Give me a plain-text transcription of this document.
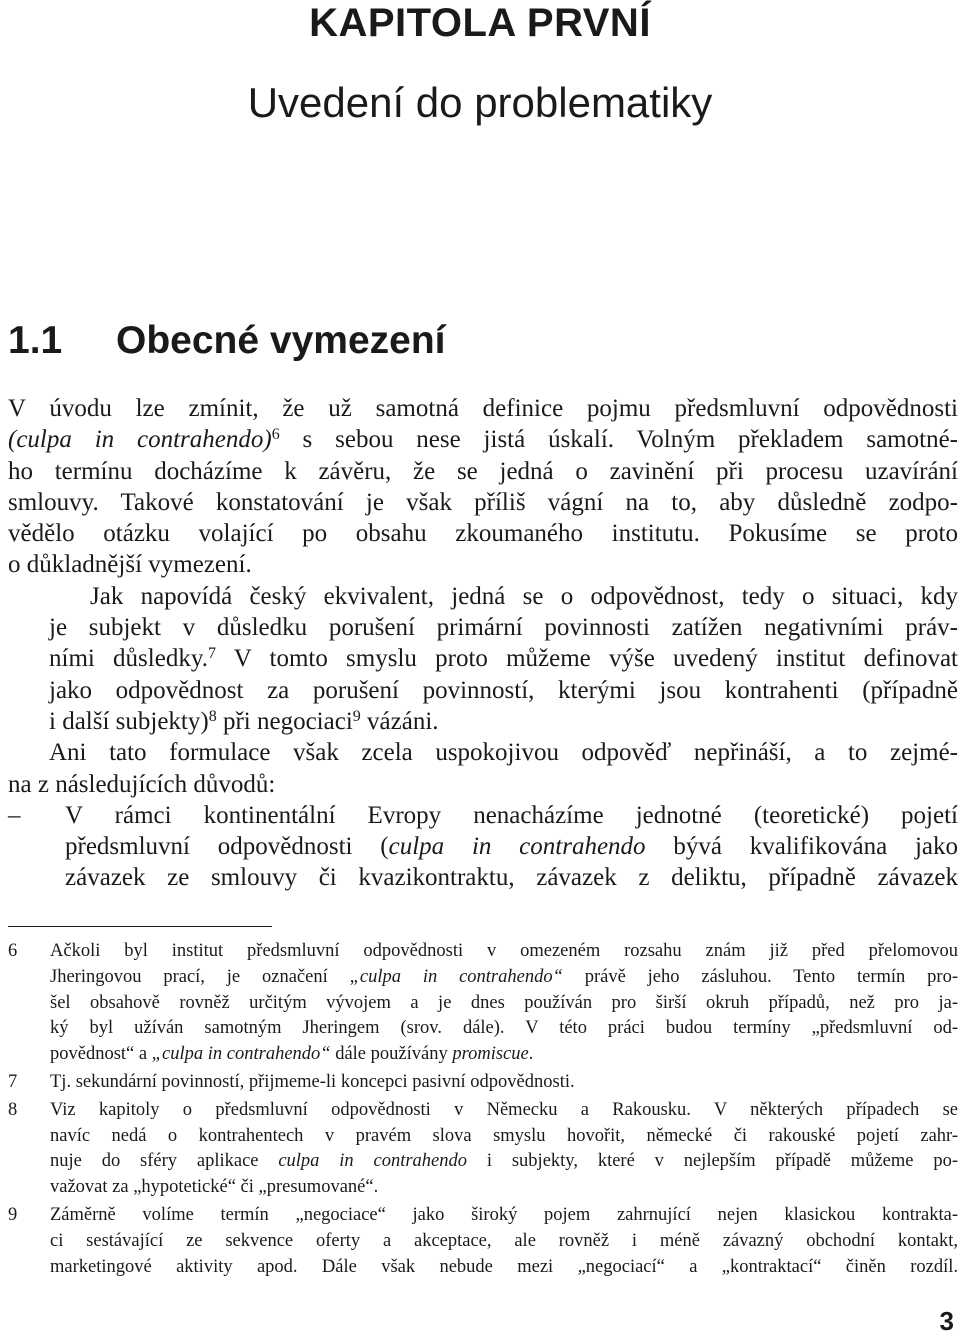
KAPITOLA PRVNÍ
Uvedení do problematiky
1.1 Obecné vymezení

V úvodu lze zmínit, že už samotná definice pojmu předsmluvní odpovědnosti
(culpa in contrahendo)$^6$ s sebou nese jistá úskalí. Volným překladem samotné-
ho termínu docházíme k závěru, že se jedná o zavinění při procesu uzavírání
smlouvy. Takové konstatování je však příliš vágní na to, aby důsledně zodpo-
vědělo otázku volající po obsahu zkoumaného institutu. Pokusíme se proto
o důkladnější vymezení.

Jak napovídá český ekvivalent, jedná se o odpovědnost, tedy o situaci, kdy
je subjekt v důsledku porušení primární povinnosti zatížen negativními práv-
ními důsledky.$^7$ V tomto smyslu proto můžeme výše uvedený institut definovat
jako odpovědnost za porušení povinností, kterými jsou kontrahenti (případně
i další subjekty)$^8$ při negociaci$^9$ vázáni.

Ani tato formulace však zcela uspokojivou odpověď nepřináší, a to zejmé-
na z následujících důvodů:

–	V rámci kontinentální Evropy nenacházíme jednotné (teoretické) pojetí
předsmluvní odpovědnosti (culpa in contrahendo bývá kvalifikována jako
závazek ze smlouvy či kvazikontraktu, závazek z deliktu, případně závazek
6	Ačkoli byl institut předsmluvní odpovědnosti v omezeném rozsahu znám již před přelomovou
Jheringovou prací, je označení „culpa in contrahendo“ právě jeho zásluhou. Tento termín pro-
šel obsahově rovněž určitým vývojem a je dnes používán pro širší okruh případů, než pro ja-
ký byl užíván samotným Jheringem (srov. dále). V této práci budou termíny „předsmluvní od-
povědnost“ a „culpa in contrahendo“ dále používány promiscue.
7	Tj. sekundární povinností, přijmeme-li koncepci pasivní odpovědnosti.
8	Viz kapitoly o předsmluvní odpovědnosti v Německu a Rakousku. V některých případech se
navíc nedá o kontrahentech v pravém slova smyslu hovořit, německé či rakouské pojetí zahr-
nuje do sféry aplikace culpa in contrahendo i subjekty, které v nejlepším případě můžeme po-
važovat za „hypotetické“ či „presumované“.
9	Záměrně volíme termín „negociace“ jako široký pojem zahrnující nejen klasickou kontrakta-
ci sestávající ze sekvence oferty a akceptace, ale rovněž i méně závazný obchodní kontakt,
marketingové aktivity apod. Dále však nebude mezi „negociací“ a „kontraktací“ činěn rozdíl.
3
